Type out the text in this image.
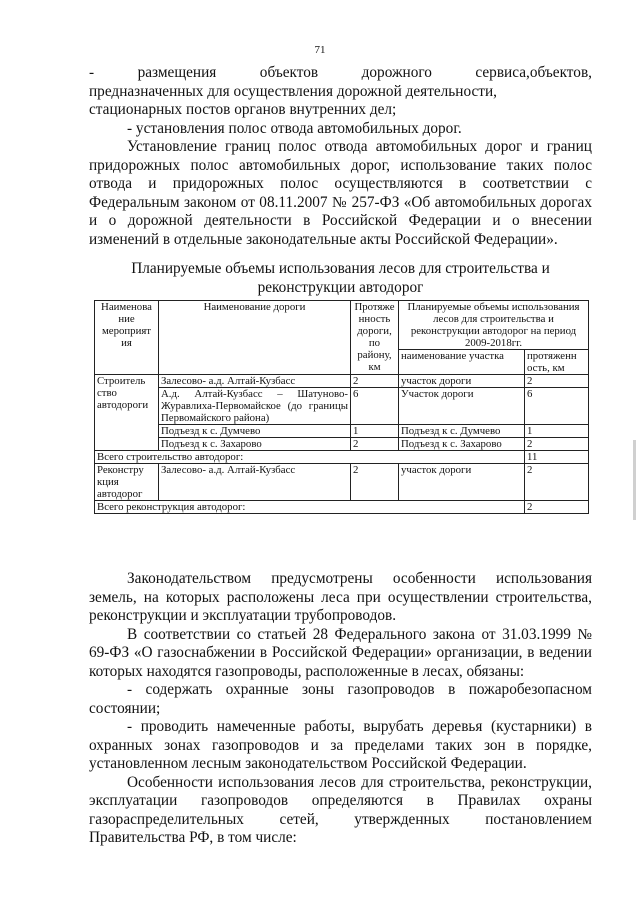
71

-       размещения       объектов       дорожного       сервиса,объектов,

предназначенных для осуществления дорожной деятельности, стационарных постов органов внутренних дел;

- установления полос отвода автомобильных дорог.

Установление границ полос отвода автомобильных дорог и границ придорожных полос автомобильных дорог, использование таких полос отвода и придорожных полос осуществляются в соответствии с Федеральным законом от 08.11.2007 № 257-ФЗ «Об автомобильных дорогах и о дорожной деятельности в Российской Федерации и о внесении изменений в отдельные законодательные акты Российской Федерации».

Планируемые объемы использования лесов для строительства и реконструкции автодорог
Наименова ние мероприят ия	Наименование дороги	Протяже нность дороги, по району, км	Планируемые объемы использования лесов для строительства и реконструкции автодорог на период 2009-2018гг.	
			наименование участка	протяженн ость, км
Строитель ство автодороги	Залесово- а.д. Алтай-Кузбасс	2	участок дороги	2
	А.д. Алтай-Кузбасс – Шатуново-Журавлиха-Первомайское (до границы Первомайского района)	6	Участок дороги	6
	Подъезд к с. Думчево	1	Подъезд к с. Думчево	1
	Подъезд к с. Захарово	2	Подъезд к с. Захарово	2
Всего строительство автодорог:				11
Реконстру кция автодорог	Залесово- а.д. Алтай-Кузбасс	2	участок дороги	2
Всего реконструкция автодорог:				2

Законодательством предусмотрены особенности использования земель, на которых расположены леса при осуществлении строительства, реконструкции и эксплуатации трубопроводов.

В соответствии со статьей 28 Федерального закона от 31.03.1999 № 69-ФЗ «О газоснабжении в Российской Федерации» организации, в ведении которых находятся газопроводы, расположенные в лесах, обязаны:

- содержать охранные зоны газопроводов в пожаробезопасном состоянии;

- проводить намеченные работы, вырубать деревья (кустарники) в охранных зонах газопроводов и за пределами таких зон в порядке, установленном лесным законодательством Российской Федерации.

Особенности использования лесов для строительства, реконструкции, эксплуатации газопроводов определяются в Правилах охраны газораспределительных сетей, утвержденных постановлением Правительства РФ, в том числе:
